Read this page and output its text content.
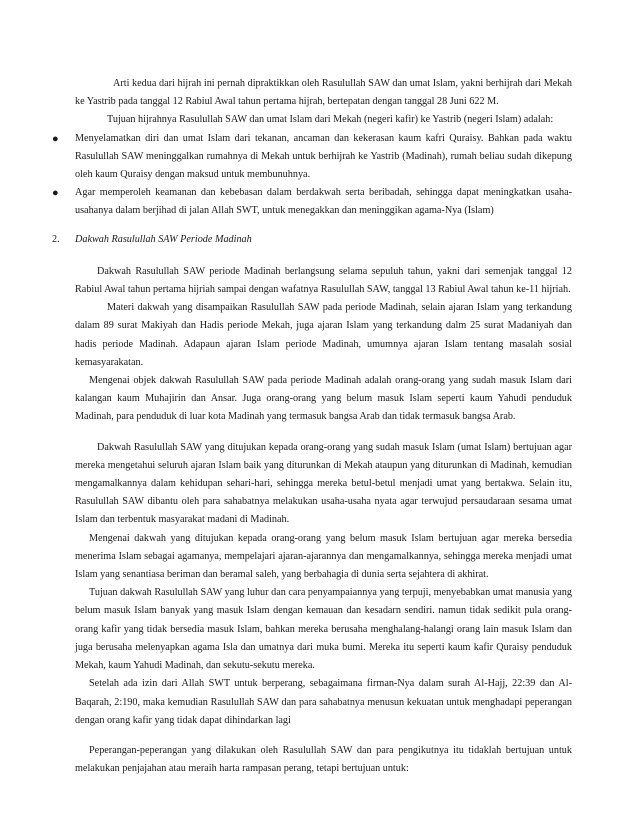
Arti kedua dari hijrah ini pernah dipraktikkan oleh Rasulullah SAW dan umat Islam, yakni berhijrah dari Mekah ke Yastrib pada tanggal 12 Rabiul Awal tahun pertama hijrah, bertepatan dengan tanggal 28 Juni 622 M.

Tujuan hijrahnya Rasulullah SAW dan umat Islam dari Mekah (negeri kafir) ke Yastrib (negeri Islam) adalah:

● Menyelamatkan diri dan umat Islam dari tekanan, ancaman dan kekerasan kaum kafri Quraisy. Bahkan pada waktu Rasulullah SAW meninggalkan rumahnya di Mekah untuk berhijrah ke Yastrib (Madinah), rumah beliau sudah dikepung oleh kaum Quraisy dengan maksud untuk membunuhnya.
● Agar memperoleh keamanan dan kebebasan dalam berdakwah serta beribadah, sehingga dapat meningkatkan usaha-usahanya dalam berjihad di jalan Allah SWT, untuk menegakkan dan meninggikan agama-Nya (Islam)
2. Dakwah Rasulullah SAW Periode Madinah

Dakwah Rasulullah SAW periode Madinah berlangsung selama sepuluh tahun, yakni dari semenjak tanggal 12 Rabiul Awal tahun pertama hijriah sampai dengan wafatnya Rasulullah SAW, tanggal 13 Rabiul Awal tahun ke-11 hijriah.

Materi dakwah yang disampaikan Rasulullah SAW pada periode Madinah, selain ajaran Islam yang terkandung dalam 89 surat Makiyah dan Hadis periode Mekah, juga ajaran Islam yang terkandung dalm 25 surat Madaniyah dan hadis periode Madinah. Adapaun ajaran Islam periode Madinah, umumnya ajaran Islam tentang masalah sosial kemasyarakatan.

Mengenai objek dakwah Rasulullah SAW pada periode Madinah adalah orang-orang yang sudah masuk Islam dari kalangan kaum Muhajirin dan Ansar. Juga orang-orang yang belum masuk Islam seperti kaum Yahudi penduduk Madinah, para penduduk di luar kota Madinah yang termasuk bangsa Arab dan tidak termasuk bangsa Arab.

Dakwah Rasulullah SAW yang ditujukan kepada orang-orang yang sudah masuk Islam (umat Islam) bertujuan agar mereka mengetahui seluruh ajaran Islam baik yang diturunkan di Mekah ataupun yang diturunkan di Madinah, kemudian mengamalkannya dalam kehidupan sehari-hari, sehingga mereka betul-betul menjadi umat yang bertakwa. Selain itu, Rasulullah SAW dibantu oleh para sahabatnya melakukan usaha-usaha nyata agar terwujud persaudaraan sesama umat Islam dan terbentuk masyarakat madani di Madinah.

Mengenai dakwah yang ditujukan kepada orang-orang yang belum masuk Islam bertujuan agar mereka bersedia menerima Islam sebagai agamanya, mempelajari ajaran-ajarannya dan mengamalkannya, sehingga mereka menjadi umat Islam yang senantiasa beriman dan beramal saleh, yang berbahagia di dunia serta sejahtera di akhirat.

Tujuan dakwah Rasulullah SAW yang luhur dan cara penyampaiannya yang terpuji, menyebabkan umat manusia yang belum masuk Islam banyak yang masuk Islam dengan kemauan dan kesadarn sendiri. namun tidak sedikit pula orang-orang kafir yang tidak bersedia masuk Islam, bahkan mereka berusaha menghalang-halangi orang lain masuk Islam dan juga berusaha melenyapkan agama Isla dan umatnya dari muka bumi. Mereka itu seperti kaum kafir Quraisy penduduk Mekah, kaum Yahudi Madinah, dan sekutu-sekutu mereka.

Setelah ada izin dari Allah SWT untuk berperang, sebagaimana firman-Nya dalam surah Al-Hajj, 22:39 dan Al-Baqarah, 2:190, maka kemudian Rasulullah SAW dan para sahabatnya menusun kekuatan untuk menghadapi peperangan dengan orang kafir yang tidak dapat dihindarkan lagi

Peperangan-peperangan yang dilakukan oleh Rasulullah SAW dan para pengikutnya itu tidaklah bertujuan untuk melakukan penjajahan atau meraih harta rampasan perang, tetapi bertujuan untuk:
